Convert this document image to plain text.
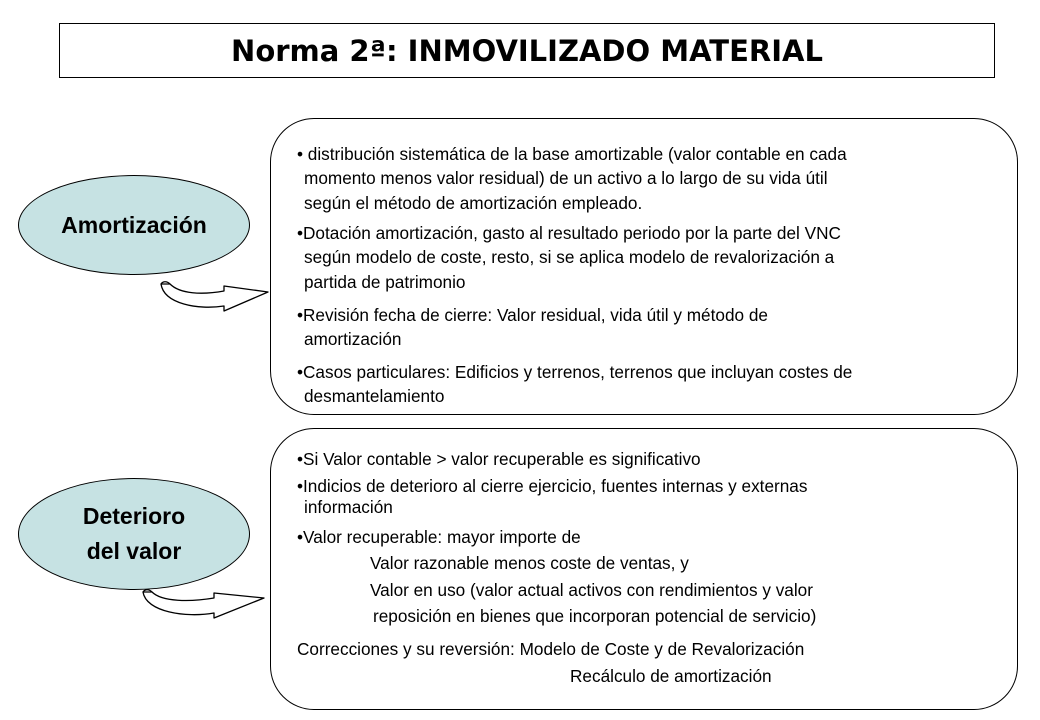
Norma 2ª: INMOVILIZADO MATERIAL
Amortización
• distribución sistemática de la base amortizable (valor contable en cada
momento menos valor residual) de un activo a lo largo de su vida útil
según el método de amortización empleado.
•Dotación amortización, gasto al resultado periodo por la parte del VNC
según modelo de coste, resto, si se aplica modelo de revalorización a
partida de patrimonio
•Revisión fecha de cierre: Valor residual, vida útil y método de
amortización
•Casos particulares: Edificios y terrenos, terrenos que incluyan costes de
desmantelamiento
Deterioro
del valor
•Si Valor contable > valor recuperable es significativo
•Indicios de deterioro al cierre ejercicio, fuentes internas y externas
información
•Valor recuperable: mayor importe de
Valor razonable menos coste de ventas, y
Valor en uso (valor actual activos con rendimientos y valor
reposición en bienes que incorporan potencial de servicio)
Correcciones y su reversión: Modelo de Coste y de Revalorización
Recálculo de amortización
